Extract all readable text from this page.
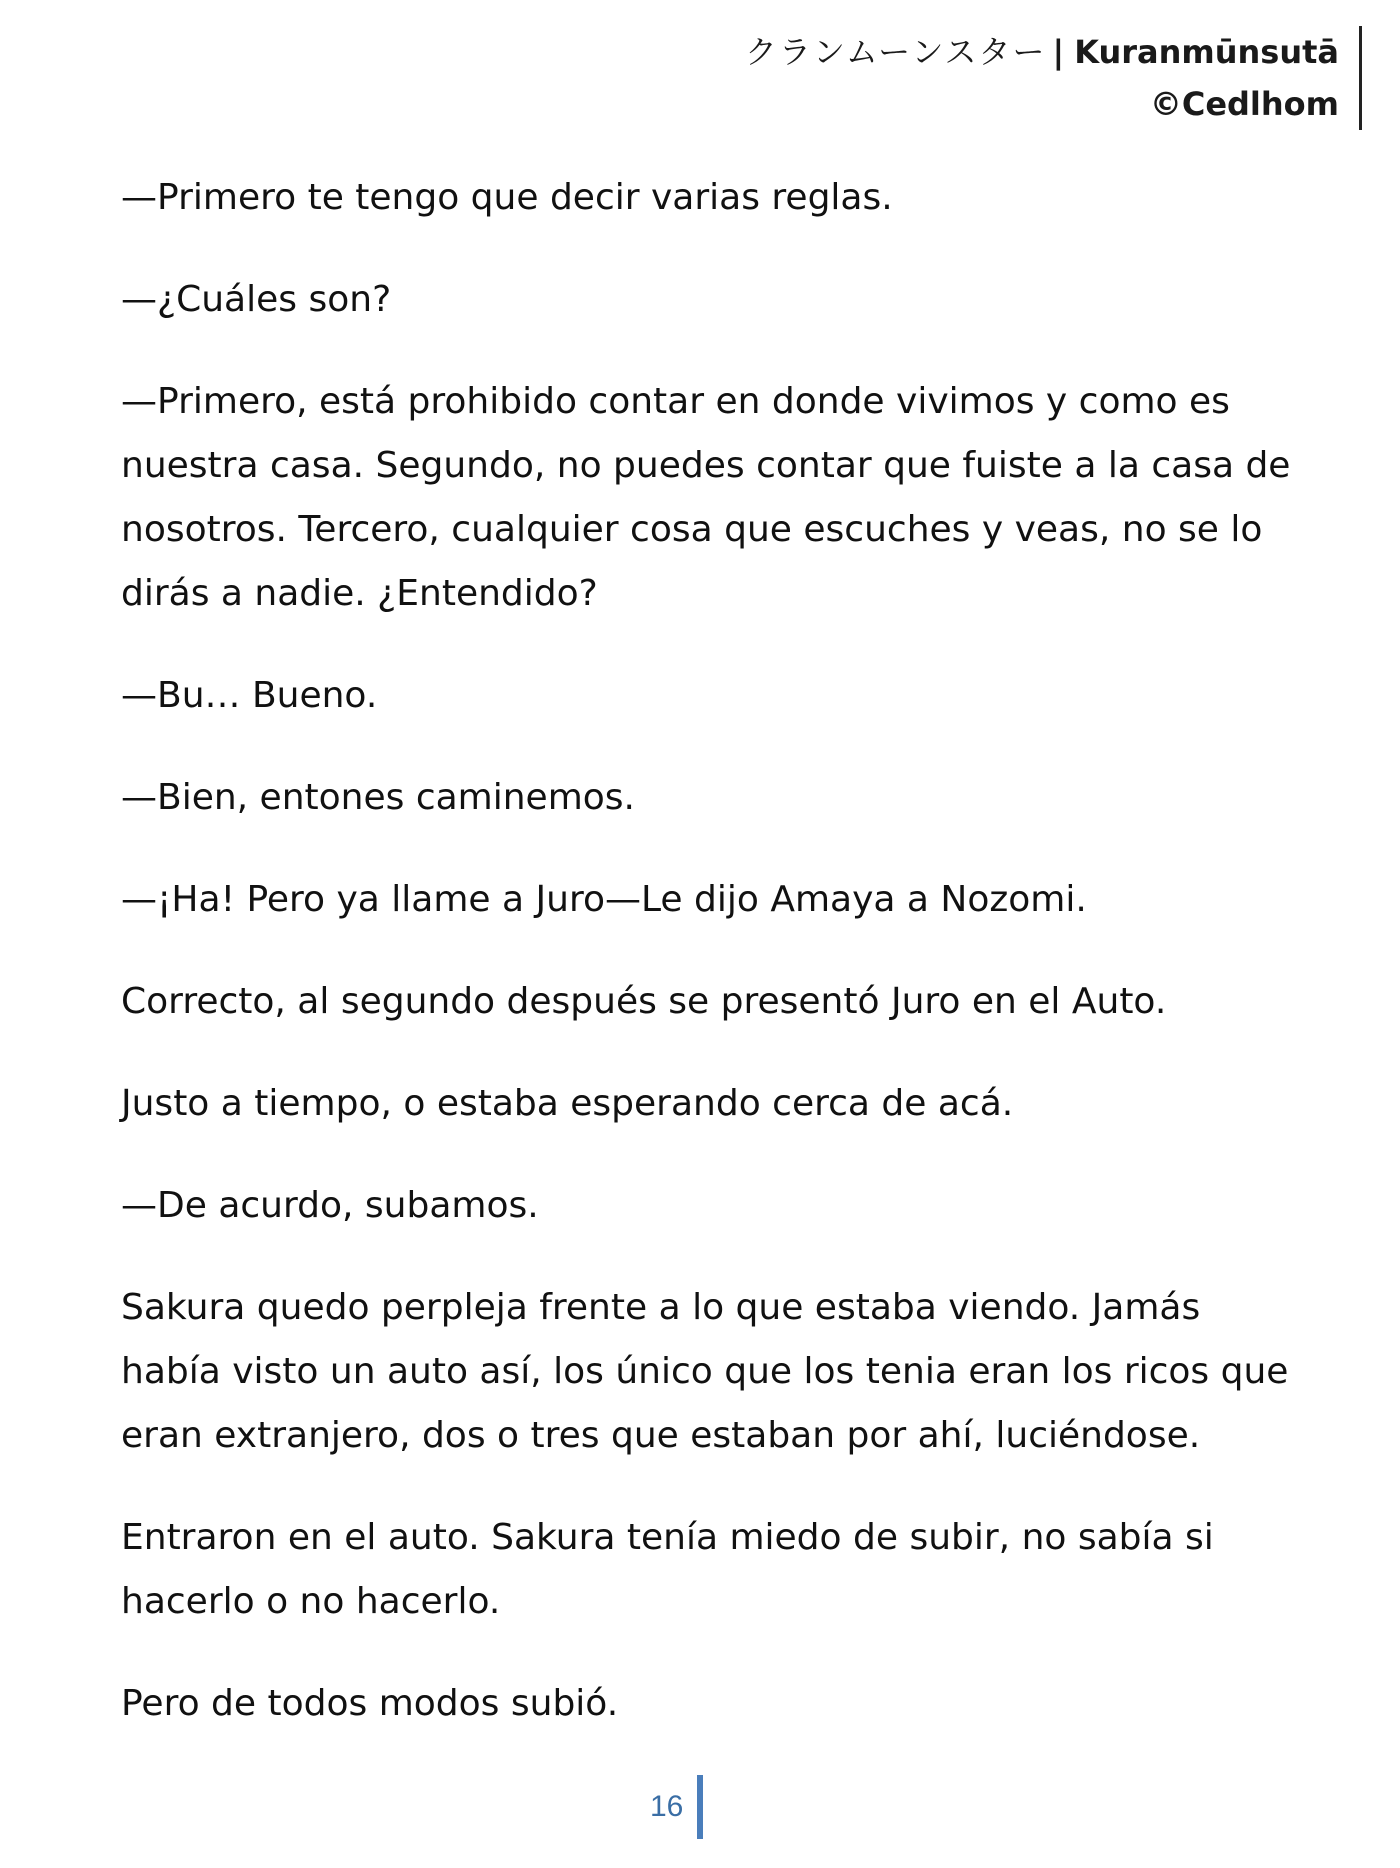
クランムーンスター | Kuranmūnsutā
©Cedlhom

—Primero te tengo que decir varias reglas.

—¿Cuáles son?

—Primero, está prohibido contar en donde vivimos y como es nuestra casa. Segundo, no puedes contar que fuiste a la casa de nosotros. Tercero, cualquier cosa que escuches y veas, no se lo dirás a nadie. ¿Entendido?

—Bu… Bueno.

—Bien, entones caminemos.

—¡Ha! Pero ya llame a Juro—Le dijo Amaya a Nozomi.

Correcto, al segundo después se presentó Juro en el Auto.

Justo a tiempo, o estaba esperando cerca de acá.

—De acurdo, subamos.

Sakura quedo perpleja frente a lo que estaba viendo. Jamás había visto un auto así, los único que los tenia eran los ricos que eran extranjero, dos o tres que estaban por ahí, luciéndose.

Entraron en el auto. Sakura tenía miedo de subir, no sabía si hacerlo o no hacerlo.

Pero de todos modos subió.

16
